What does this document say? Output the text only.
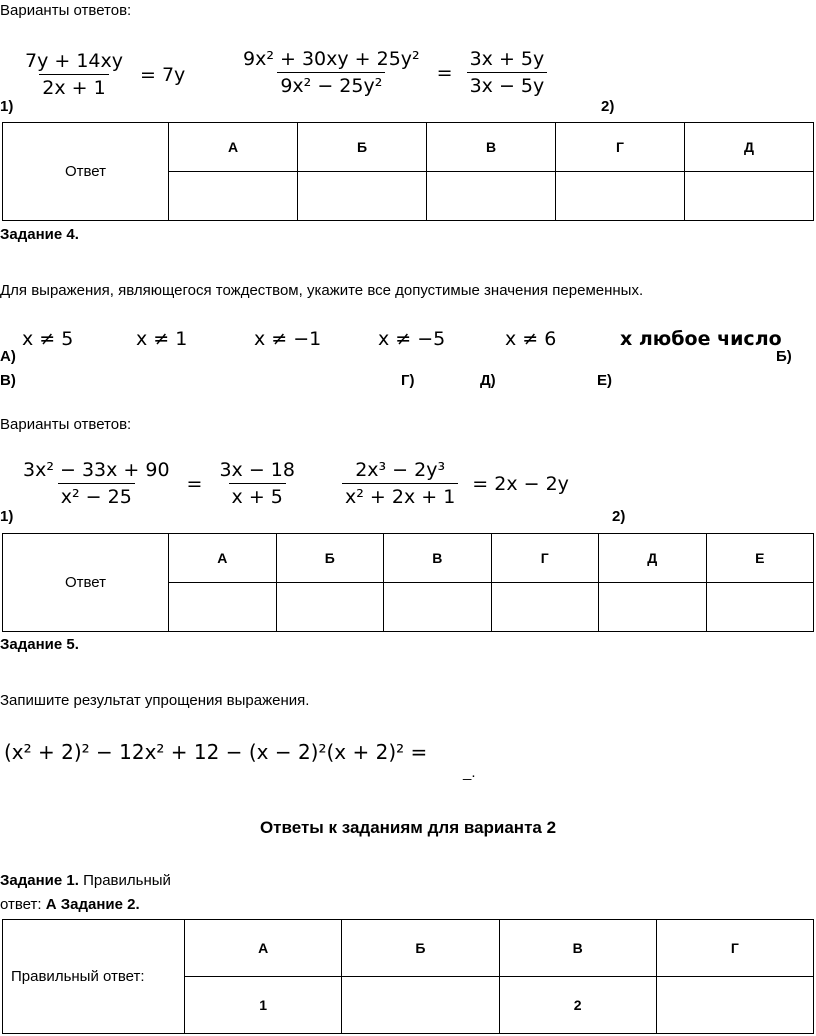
Варианты ответов:
$\frac{7y + 14xy}{2x + 1} = 7y$	$\frac{\text{9x² + 30xy + 25y²}}{\text{9x² − 25y²}} = \frac{3x + 5y}{3x - 5y}$
1)	2)
Ответ	А	Б	В	Г	Д

Задание 4.
Для выражения, являющегося тождеством, укажите все допустимые значения переменных.
x ≠ 5	x ≠ 1	x ≠ −1	x ≠ −5	x ≠ 6	x любое число
А)	Б)
В)	Г)	Д)	Е)
Варианты ответов:
$\frac{\text{3x² − 33x + 90}}{\text{x² − 25}} = \frac{3x - 18}{x + 5} \frac{\text{2x³ − 2y³}}{\text{x² + 2x + 1}} = 2x - 2y$
1)	2)
Ответ	А	Б	В	Г	Д	Е

Задание 5.
Запишите результат упрощения выражения.
(x² + 2)² − 12x² + 12 − (x − 2)²(x + 2)² =
_.
Ответы к заданиям для варианта 2
Задание 1. Правильный
ответ: А Задание 2.
Правильный ответ:	А	Б	В	Г
	1		2	
